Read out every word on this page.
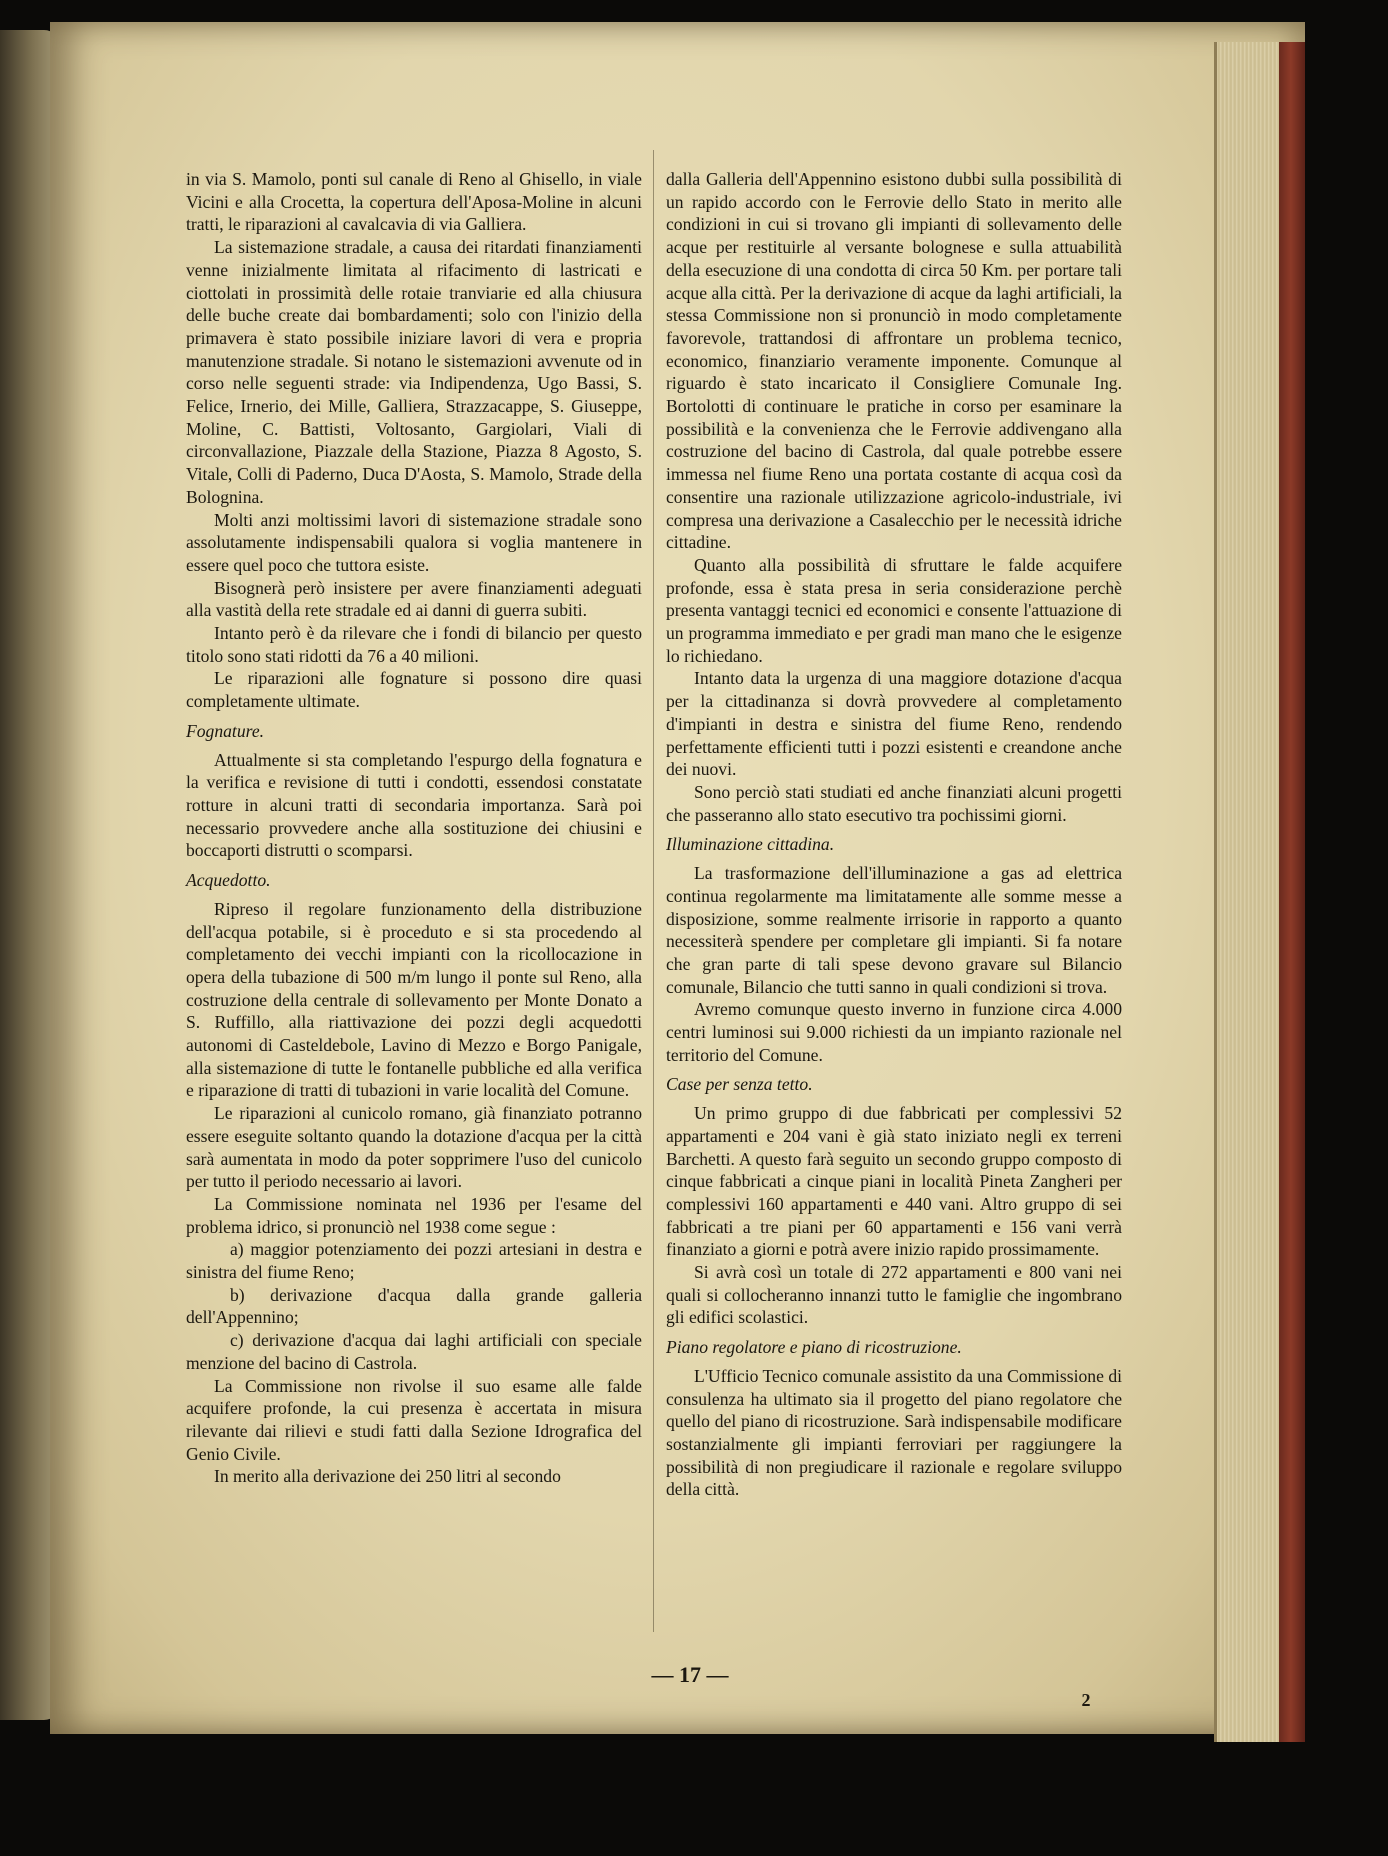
in via S. Mamolo, ponti sul canale di Reno al Ghisello, in viale Vicini e alla Crocetta, la copertura dell'Aposa-Moline in alcuni tratti, le riparazioni al cavalcavia di via Galliera.

La sistemazione stradale, a causa dei ritardati finanziamenti venne inizialmente limitata al rifacimento di lastricati e ciottolati in prossimità delle rotaie tranviarie ed alla chiusura delle buche create dai bombardamenti; solo con l'inizio della primavera è stato possibile iniziare lavori di vera e propria manutenzione stradale. Si notano le sistemazioni avvenute od in corso nelle seguenti strade: via Indipendenza, Ugo Bassi, S. Felice, Irnerio, dei Mille, Galliera, Strazzacappe, S. Giuseppe, Moline, C. Battisti, Voltosanto, Gargiolari, Viali di circonvallazione, Piazzale della Stazione, Piazza 8 Agosto, S. Vitale, Colli di Paderno, Duca D'Aosta, S. Mamolo, Strade della Bolognina.

Molti anzi moltissimi lavori di sistemazione stradale sono assolutamente indispensabili qualora si voglia mantenere in essere quel poco che tuttora esiste.

Bisognerà però insistere per avere finanziamenti adeguati alla vastità della rete stradale ed ai danni di guerra subiti.

Intanto però è da rilevare che i fondi di bilancio per questo titolo sono stati ridotti da 76 a 40 milioni.

Le riparazioni alle fognature si possono dire quasi completamente ultimate.

Fognature.

Attualmente si sta completando l'espurgo della fognatura e la verifica e revisione di tutti i condotti, essendosi constatate rotture in alcuni tratti di secondaria importanza. Sarà poi necessario provvedere anche alla sostituzione dei chiusini e boccaporti distrutti o scomparsi.

Acquedotto.

Ripreso il regolare funzionamento della distribuzione dell'acqua potabile, si è proceduto e si sta procedendo al completamento dei vecchi impianti con la ricollocazione in opera della tubazione di 500 m/m lungo il ponte sul Reno, alla costruzione della centrale di sollevamento per Monte Donato a S. Ruffillo, alla riattivazione dei pozzi degli acquedotti autonomi di Casteldebole, Lavino di Mezzo e Borgo Panigale, alla sistemazione di tutte le fontanelle pubbliche ed alla verifica e riparazione di tratti di tubazioni in varie località del Comune.

Le riparazioni al cunicolo romano, già finanziato potranno essere eseguite soltanto quando la dotazione d'acqua per la città sarà aumentata in modo da poter sopprimere l'uso del cunicolo per tutto il periodo necessario ai lavori.

La Commissione nominata nel 1936 per l'esame del problema idrico, si pronunciò nel 1938 come segue :

a) maggior potenziamento dei pozzi artesiani in destra e sinistra del fiume Reno;

b) derivazione d'acqua dalla grande galleria dell'Appennino;

c) derivazione d'acqua dai laghi artificiali con speciale menzione del bacino di Castrola.

La Commissione non rivolse il suo esame alle falde acquifere profonde, la cui presenza è accertata in misura rilevante dai rilievi e studi fatti dalla Sezione Idrografica del Genio Civile.

In merito alla derivazione dei 250 litri al secondo

dalla Galleria dell'Appennino esistono dubbi sulla possibilità di un rapido accordo con le Ferrovie dello Stato in merito alle condizioni in cui si trovano gli impianti di sollevamento delle acque per restituirle al versante bolognese e sulla attuabilità della esecuzione di una condotta di circa 50 Km. per portare tali acque alla città. Per la derivazione di acque da laghi artificiali, la stessa Commissione non si pronunciò in modo completamente favorevole, trattandosi di affrontare un problema tecnico, economico, finanziario veramente imponente. Comunque al riguardo è stato incaricato il Consigliere Comunale Ing. Bortolotti di continuare le pratiche in corso per esaminare la possibilità e la convenienza che le Ferrovie addivengano alla costruzione del bacino di Castrola, dal quale potrebbe essere immessa nel fiume Reno una portata costante di acqua così da consentire una razionale utilizzazione agricolo-industriale, ivi compresa una derivazione a Casalecchio per le necessità idriche cittadine.

Quanto alla possibilità di sfruttare le falde acquifere profonde, essa è stata presa in seria considerazione perchè presenta vantaggi tecnici ed economici e consente l'attuazione di un programma immediato e per gradi man mano che le esigenze lo richiedano.

Intanto data la urgenza di una maggiore dotazione d'acqua per la cittadinanza si dovrà provvedere al completamento d'impianti in destra e sinistra del fiume Reno, rendendo perfettamente efficienti tutti i pozzi esistenti e creandone anche dei nuovi.

Sono perciò stati studiati ed anche finanziati alcuni progetti che passeranno allo stato esecutivo tra pochissimi giorni.

Illuminazione cittadina.

La trasformazione dell'illuminazione a gas ad elettrica continua regolarmente ma limitatamente alle somme messe a disposizione, somme realmente irrisorie in rapporto a quanto necessiterà spendere per completare gli impianti. Si fa notare che gran parte di tali spese devono gravare sul Bilancio comunale, Bilancio che tutti sanno in quali condizioni si trova.

Avremo comunque questo inverno in funzione circa 4.000 centri luminosi sui 9.000 richiesti da un impianto razionale nel territorio del Comune.

Case per senza tetto.

Un primo gruppo di due fabbricati per complessivi 52 appartamenti e 204 vani è già stato iniziato negli ex terreni Barchetti. A questo farà seguito un secondo gruppo composto di cinque fabbricati a cinque piani in località Pineta Zangheri per complessivi 160 appartamenti e 440 vani. Altro gruppo di sei fabbricati a tre piani per 60 appartamenti e 156 vani verrà finanziato a giorni e potrà avere inizio rapido prossimamente.

Si avrà così un totale di 272 appartamenti e 800 vani nei quali si collocheranno innanzi tutto le famiglie che ingombrano gli edifici scolastici.

Piano regolatore e piano di ricostruzione.

L'Ufficio Tecnico comunale assistito da una Commissione di consulenza ha ultimato sia il progetto del piano regolatore che quello del piano di ricostruzione. Sarà indispensabile modificare sostanzialmente gli impianti ferroviari per raggiungere la possibilità di non pregiudicare il razionale e regolare sviluppo della città.

— 17 —
2
